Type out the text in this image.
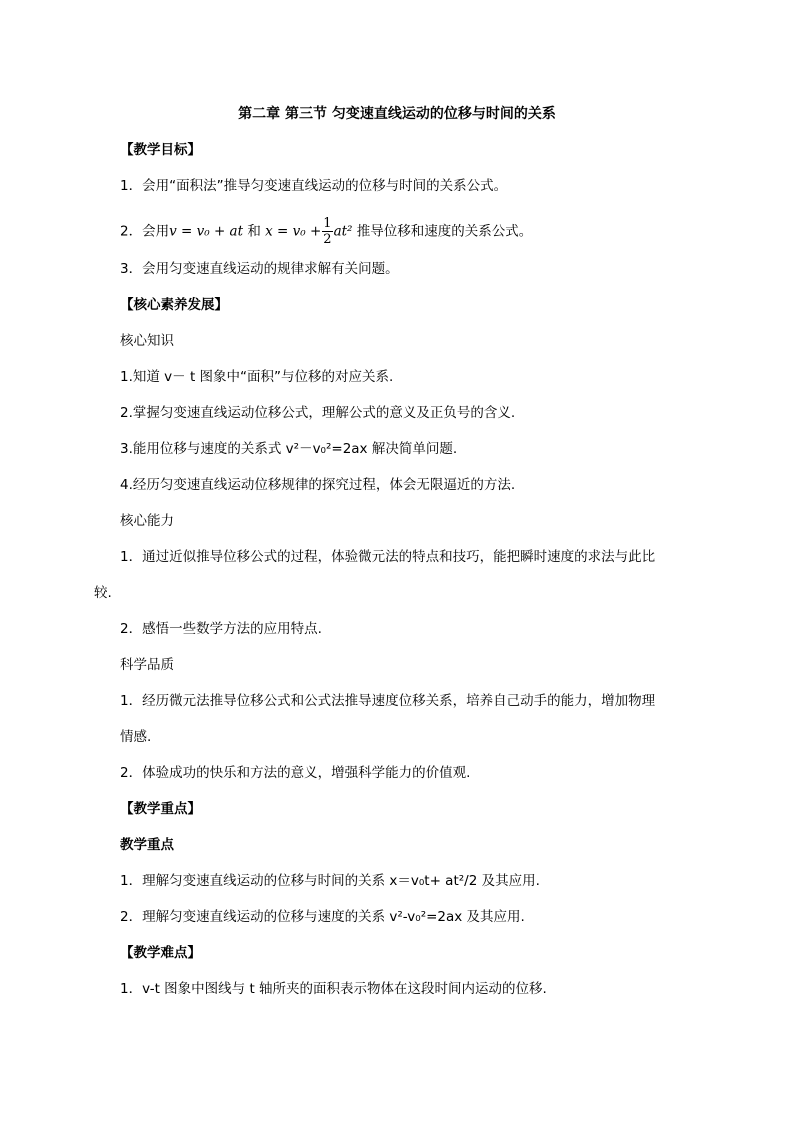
第二章 第三节 匀变速直线运动的位移与时间的关系
【教学目标】
1．会用“面积法”推导匀变速直线运动的位移与时间的关系公式。
2．会用v = v₀ + at 和 $x = v_0 + \frac{1}{2} at^2$ 推导位移和速度的关系公式。
3．会用匀变速直线运动的规律求解有关问题。
【核心素养发展】
核心知识
1.知道 v－ t 图象中“面积”与位移的对应关系.
2.掌握匀变速直线运动位移公式，理解公式的意义及正负号的含义.
3.能用位移与速度的关系式 v²－v₀²=2ax 解决简单问题.
4.经历匀变速直线运动位移规律的探究过程，体会无限逼近的方法.
核心能力
1．通过近似推导位移公式的过程，体验微元法的特点和技巧，能把瞬时速度的求法与此比
较.
2．感悟一些数学方法的应用特点.
科学品质
1．经历微元法推导位移公式和公式法推导速度位移关系，培养自己动手的能力，增加物理
情感.
2．体验成功的快乐和方法的意义，增强科学能力的价值观.
【教学重点】
教学重点
1．理解匀变速直线运动的位移与时间的关系 x＝v₀t+ at²/2 及其应用.
2．理解匀变速直线运动的位移与速度的关系 v²-v₀²=2ax 及其应用.
【教学难点】
1．v-t 图象中图线与 t 轴所夹的面积表示物体在这段时间内运动的位移.
